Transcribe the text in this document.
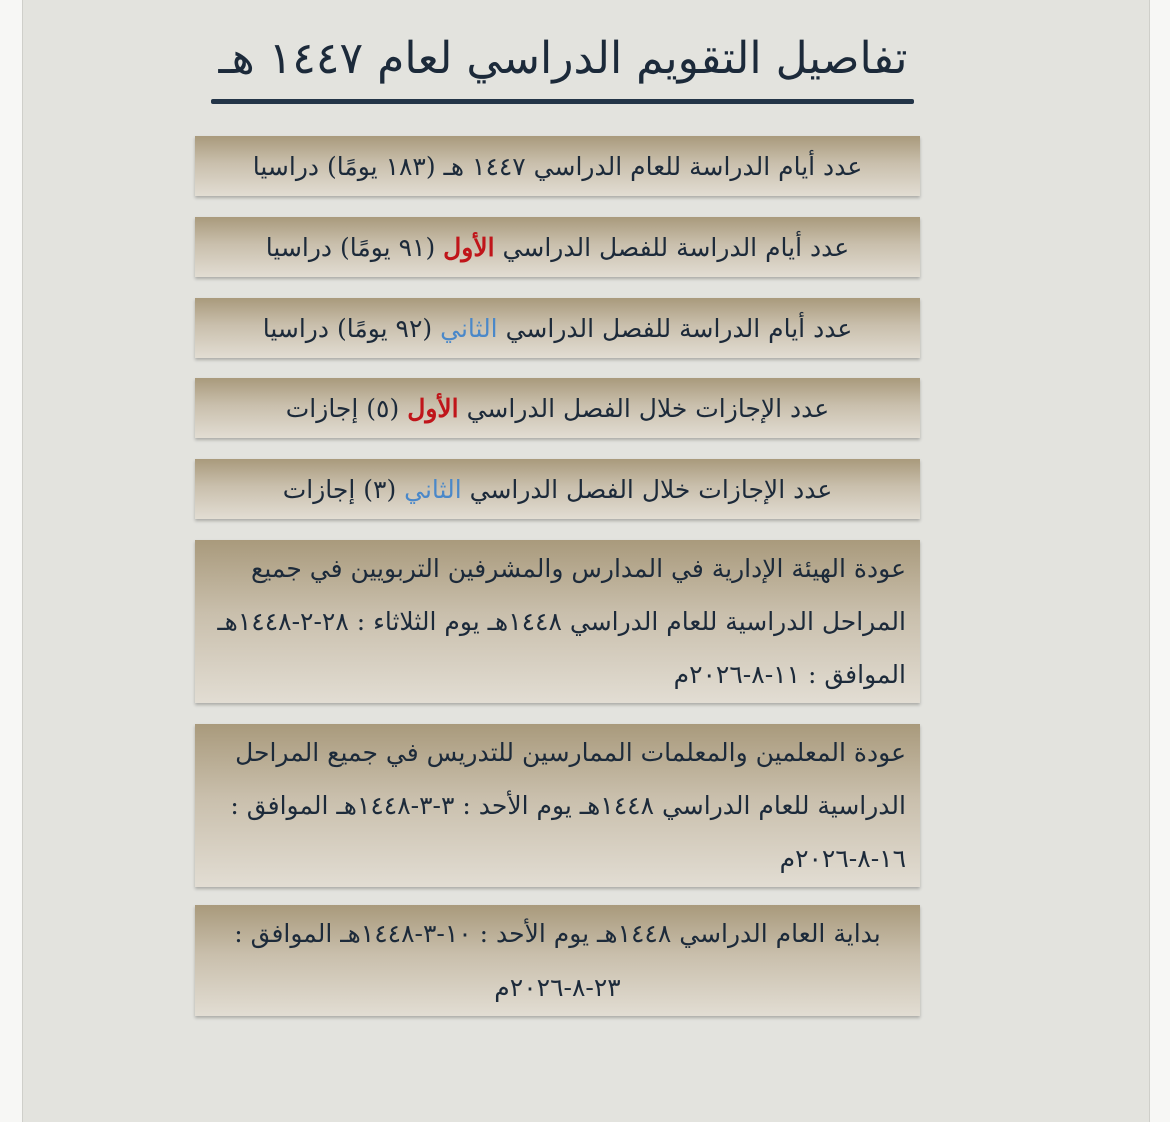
تفاصيل التقويم الدراسي لعام ١٤٤٧ هـ
عدد أيام الدراسة للعام الدراسي ١٤٤٧ هـ (١٨٣ يومًا) دراسيا
عدد أيام الدراسة للفصل الدراسي الأول (٩١ يومًا) دراسيا
عدد أيام الدراسة للفصل الدراسي الثاني (٩٢ يومًا) دراسيا
عدد الإجازات خلال الفصل الدراسي الأول (٥) إجازات
عدد الإجازات خلال الفصل الدراسي الثاني (٣) إجازات
عودة الهيئة الإدارية في المدارس والمشرفين التربويين في جميع المراحل الدراسية للعام الدراسي ١٤٤٨هـ يوم الثلاثاء : ٢٨-٢-١٤٤٨هـ الموافق : ١١-٨-٢٠٢٦م
عودة المعلمين والمعلمات الممارسين للتدريس في جميع المراحل الدراسية للعام الدراسي ١٤٤٨هـ يوم الأحد : ٣-٣-١٤٤٨هـ الموافق : ١٦-٨-٢٠٢٦م
بداية العام الدراسي ١٤٤٨هـ يوم الأحد : ١٠-٣-١٤٤٨هـ الموافق : ٢٣-٨-٢٠٢٦م
